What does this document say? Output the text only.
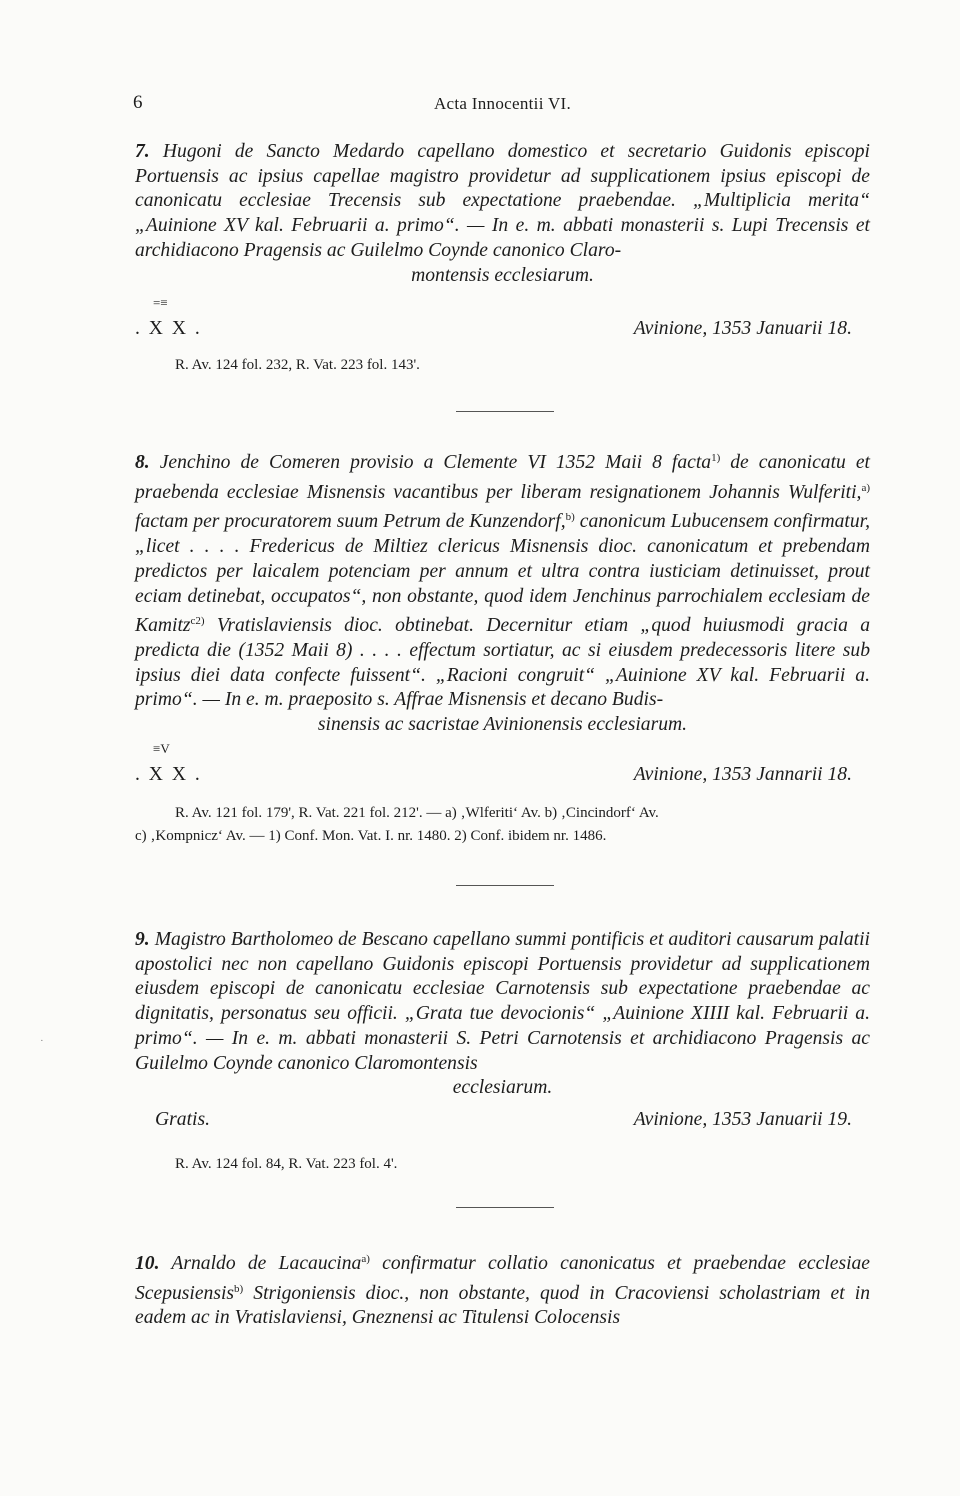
6	Acta Innocentii VI.

7. Hugoni de Sancto Medardo capellano domestico et secretario Guidonis episcopi Portuensis ac ipsius capellae magistro providetur ad supplicationem ipsius episcopi de canonicatu ecclesiae Trecensis sub expectatione praebendae. „Multiplicia merita“ „Auinione XV kal. Februarii a. primo“. — In e. m. abbati monasterii s. Lupi Trecensis et archidiacono Pragensis ac Guilelmo Coynde canonico Claro-
montensis ecclesiarum.

=≡
. X X .	Avinione, 1353 Januarii 18.

R. Av. 124 fol. 232, R. Vat. 223 fol. 143'.

8. Jenchino de Comeren provisio a Clemente VI 1352 Maii 8 facta$^{1)}$ de canonicatu et praebenda ecclesiae Misnensis vacantibus per liberam resignationem Johannis Wulferiti,$^{a)}$ factam per procuratorem suum Petrum de Kunzendorf,$^{b)}$ canonicum Lubucensem confirmatur, „licet . . . . Fredericus de Miltiez clericus Misnensis dioc. canonicatum et prebendam predictos per laicalem potenciam per annum et ultra contra iusticiam detinuisset, prout eciam detinebat, occupatos“, non obstante, quod idem Jenchinus parrochialem ecclesiam de Kamitz$^{c2)}$ Vratislaviensis dioc. obtinebat. Decernitur etiam „quod huiusmodi gracia a predicta die (1352 Maii 8) . . . . effectum sortiatur, ac si eiusdem predecessoris litere sub ipsius diei data confecte fuissent“. „Racioni congruit“ „Auinione XV kal. Februarii a. primo“. — In e. m. praeposito s. Affrae Misnensis et decano Budis-
sinensis ac sacristae Avinionensis ecclesiarum.

≡V
. X X .	Avinione, 1353 Jannarii 18.

R. Av. 121 fol. 179', R. Vat. 221 fol. 212'. — a) ‚Wlferiti‘ Av. b) ‚Cincindorf‘ Av.

c) ‚Kompnicz‘ Av. — 1) Conf. Mon. Vat. I. nr. 1480. 2) Conf. ibidem nr. 1486.

9. Magistro Bartholomeo de Bescano capellano summi pontificis et auditori causarum palatii apostolici nec non capellano Guidonis episcopi Portuensis providetur ad supplicationem eiusdem episcopi de canonicatu ecclesiae Carnotensis sub expectatione praebendae ac dignitatis, personatus seu officii. „Grata tue devocionis“ „Auinione XIIII kal. Februarii a. primo“. — In e. m. abbati monasterii S. Petri Carnotensis et archidiacono Pragensis ac Guilelmo Coynde canonico Claromontensis
ecclesiarum.

Gratis.	Avinione, 1353 Januarii 19.

R. Av. 124 fol. 84, R. Vat. 223 fol. 4'.

10. Arnaldo de Lacaucina$^{a)}$ confirmatur collatio canonicatus et praebendae ecclesiae Scepusiensis$^{b)}$ Strigoniensis dioc., non obstante, quod in Cracoviensi scholastriam et in eadem ac in Vratislaviensi, Gneznensi ac Titulensi Colocensis

·
